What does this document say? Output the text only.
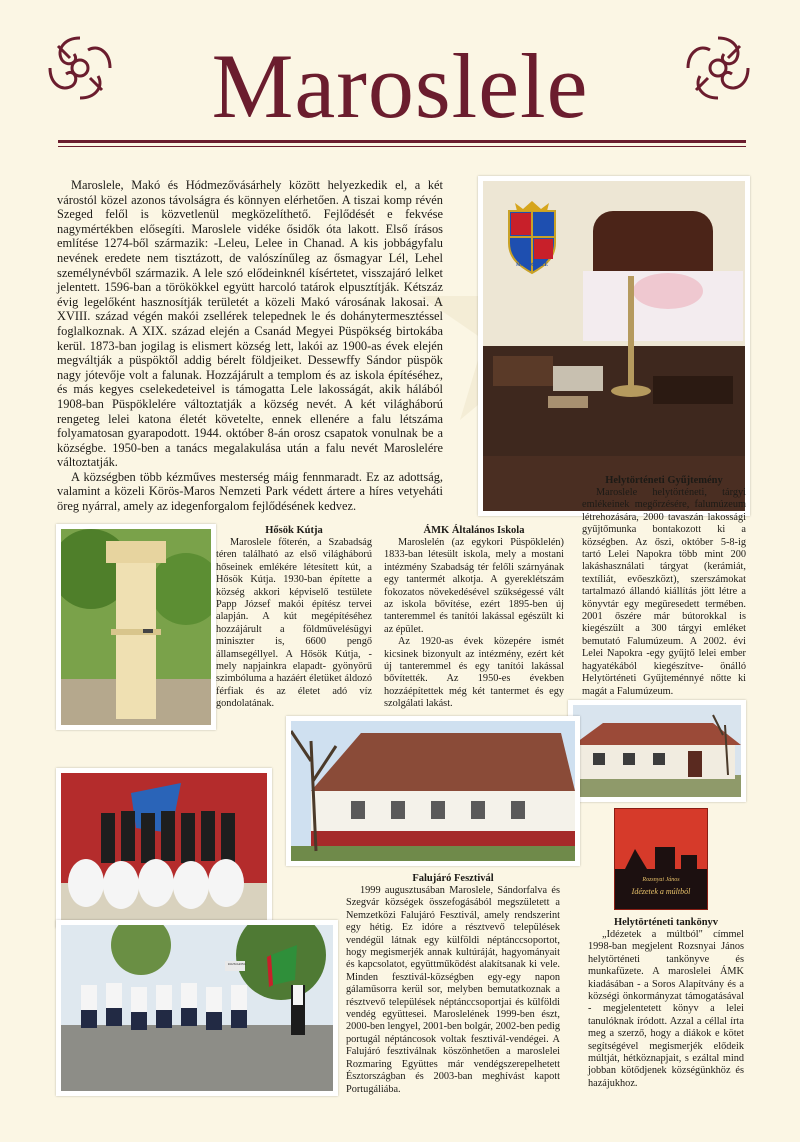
Maroslele

Maroslele, Makó és Hódmezővásárhely között helyezkedik el, a két várostól közel azonos távolságra és könnyen elérhetően. A tiszai komp révén Szeged felől is közvetlenül megközelíthető. Fejlődését e fekvése nagymértékben elősegíti. Maroslele vidéke ősidők óta lakott. Első írásos említése 1274-ből származik: -Leleu, Lelee in Chanad. A kis jobbágyfalu nevének eredete nem tisztázott, de valószínűleg az ősmagyar Lél, Lehel személynévből származik. A lele szó elődeinknél kísértetet, visszajáró lelket jelentett. 1596-ban a törökökkel együtt harcoló tatárok elpusztítják. Kétszáz évig legelőként hasznosítják területét a közeli Makó városának lakosai. A XVIII. század végén makói zsellérek telepednek le és dohánytermesztéssel foglalkoznak. A XIX. század elején a Csanád Megyei Püspökség birtokába kerül. 1873-ban jogilag is elismert község lett, lakói az 1900-as évek elején megváltják a püspöktől addig bérelt földjeiket. Dessewffy Sándor püspök nagy jótevője volt a falunak. Hozzájárult a templom és az iskola építéséhez, és más kegyes cselekedeteivel is támogatta Lele lakosságát, akik hálából 1908-ban Püspöklelére változtatják a község nevét. A két világháború rengeteg lelei katona életét követelte, ennek ellenére a falu létszáma folyamatosan gyarapodott. 1944. október 8-án orosz csapatok vonulnak be a községbe. 1950-ben a tanács megalakulása után a falu nevét Maroslelére változtatják.

A községben több kézműves mesterség máig fennmaradt. Ez az adottság, valamint a közeli Körös-Maros Nemzeti Park védett ártere a híres vetyeháti öreg nyárral, amely az idegenforgalom fejlődésének kedvez.

MAROSLELE
Helytörténeti Gyűjtemény
Maroslele helytörténeti, tárgyi emlékeinek megőrzésére, falumúzeum létrehozására, 2000 tavaszán lakossági gyűjtőmunka bontakozott ki a községben. Az őszi, október 5-8-ig tartó Lelei Napokra több mint 200 lakáshasználati tárgyat (kerámiát, textíliát, evőeszközt), szerszámokat tartalmazó állandó kiállítás jött létre a könyvtár egy megüresedett termében. 2001 őszére már bútorokkal is kiegészült a 300 tárgyi emléket bemutató Falumúzeum. A 2002. évi Lelei Napokra -egy gyűjtő lelei ember hagyatékából kiegészítve- önálló Helytörténeti Gyűjteménnyé nőtte ki magát a Falumúzeum.
Hősök Kútja
Maroslele főterén, a Szabadság téren található az első világháború hőseinek emlékére létesített kút, a Hősök Kútja. 1930-ban építette a község akkori képviselő testülete Papp József makói építész tervei alapján. A kút megépítéséhez hozzájárult a földművelésügyi miniszter is, 6600 pengő államsegéllyel. A Hősök Kútja, - mely napjainkra elapadt- gyönyörű szimbóluma a hazáért életüket áldozó férfiak és az életet adó víz gondolatának.
ÁMK Általános Iskola

Maroslelén (az egykori Püspöklelén) 1833-ban létesült iskola, mely a mostani intézmény Szabadság tér felőli szárnyának egy tantermét alkotja. A gyereklétszám fokozatos növekedésével szükségessé vált az iskola bővítése, ezért 1895-ben új tanteremmel és tanítói lakással egészült ki az épület.

Az 1920-as évek közepére ismét kicsinek bizonyult az intézmény, ezért két új tanteremmel és egy tanítói lakással bővítették. Az 1950-es években hozzáépítettek még két tantermet és egy szolgálati lakást.

Falujáró Fesztivál
1999 augusztusában Maroslele, Sándorfalva és Szegvár községek összefogásából megszületett a Nemzetközi Falujáró Fesztivál, amely rendszerint egy hétig. Ez idóre a résztvevő települések vendégül látnak egy külföldi néptánccsoportot, hogy megismerjék annak kultúráját, hagyományait és kapcsolatot, együttműködést alakítsanak ki vele. Minden fesztivál-községben egy-egy napon gálaműsorra kerül sor, melyben bemutatkoznak a résztvevő települések néptánccsoportjai és külföldi vendég együttesei. Maroslelének 1999-ben észt, 2000-ben lengyel, 2001-ben bolgár, 2002-ben pedig portugál néptáncosok voltak fesztivál-vendégei. A Falujáró fesztiválnak köszönhetően a maroslelei Rozmaring Együttes már vendégszerepelhetett Észtországban és 2003-ban meghívást kapott Portugáliába.
Rozsnyai János
Idézetek a múltból
Helytörténeti tankönyv
„Idézetek a múltból" címmel 1998-ban megjelent Rozsnyai János helytörténeti tankönyve és munkafüzete. A maroslelei ÁMK kiadásában - a Soros Alapítvány és a községi önkormányzat támogatásával - megjelentetett könyv a lelei tanulóknak íródott. Azzal a céllal írta meg a szerző, hogy a diákok e kötet segítségével megismerjék elődeik múltját, hétköznapjait, s ezáltal mind jobban kötődjenek községünkhöz és hazájukhoz.
ROZMARING
